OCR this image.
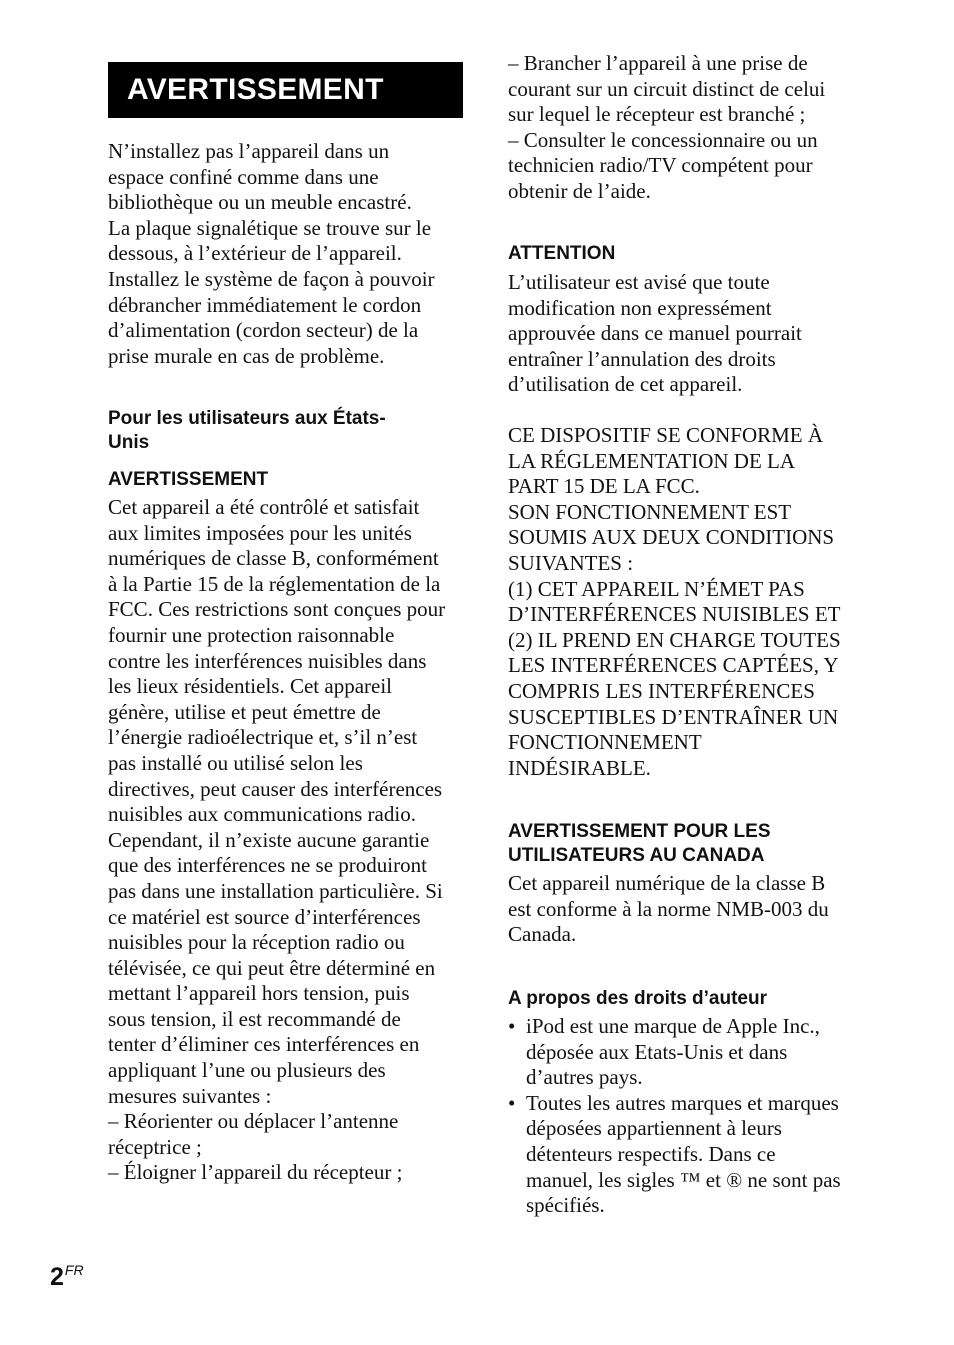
AVERTISSEMENT

N’installez pas l’appareil dans un
espace confiné comme dans une
bibliothèque ou un meuble encastré.
La plaque signalétique se trouve sur le
dessous, à l’extérieur de l’appareil.
Installez le système de façon à pouvoir
débrancher immédiatement le cordon
d’alimentation (cordon secteur) de la
prise murale en cas de problème.

Pour les utilisateurs aux États-
Unis

AVERTISSEMENT

Cet appareil a été contrôlé et satisfait
aux limites imposées pour les unités
numériques de classe B, conformément
à la Partie 15 de la réglementation de la
FCC. Ces restrictions sont conçues pour
fournir une protection raisonnable
contre les interférences nuisibles dans
les lieux résidentiels. Cet appareil
génère, utilise et peut émettre de
l’énergie radioélectrique et, s’il n’est
pas installé ou utilisé selon les
directives, peut causer des interférences
nuisibles aux communications radio.
Cependant, il n’existe aucune garantie
que des interférences ne se produiront
pas dans une installation particulière. Si
ce matériel est source d’interférences
nuisibles pour la réception radio ou
télévisée, ce qui peut être déterminé en
mettant l’appareil hors tension, puis
sous tension, il est recommandé de
tenter d’éliminer ces interférences en
appliquant l’une ou plusieurs des
mesures suivantes :
– Réorienter ou déplacer l’antenne
réceptrice ;
– Éloigner l’appareil du récepteur ;

– Brancher l’appareil à une prise de
courant sur un circuit distinct de celui
sur lequel le récepteur est branché ;
– Consulter le concessionnaire ou un
technicien radio/TV compétent pour
obtenir de l’aide.

ATTENTION

L’utilisateur est avisé que toute
modification non expressément
approuvée dans ce manuel pourrait
entraîner l’annulation des droits
d’utilisation de cet appareil.

CE DISPOSITIF SE CONFORME À
LA RÉGLEMENTATION DE LA
PART 15 DE LA FCC.
SON FONCTIONNEMENT EST
SOUMIS AUX DEUX CONDITIONS
SUIVANTES :
(1) CET APPAREIL N’ÉMET PAS
D’INTERFÉRENCES NUISIBLES ET
(2) IL PREND EN CHARGE TOUTES
LES INTERFÉRENCES CAPTÉES, Y
COMPRIS LES INTERFÉRENCES
SUSCEPTIBLES D’ENTRAÎNER UN
FONCTIONNEMENT
INDÉSIRABLE.

AVERTISSEMENT POUR LES
UTILISATEURS AU CANADA

Cet appareil numérique de la classe B
est conforme à la norme NMB-003 du
Canada.

A propos des droits d’auteur

• iPod est une marque de Apple Inc.,
déposée aux Etats-Unis et dans
d’autres pays.
• Toutes les autres marques et marques
déposées appartiennent à leurs
détenteurs respectifs. Dans ce
manuel, les sigles ™ et ® ne sont pas
spécifiés.
$2^{FR}$
